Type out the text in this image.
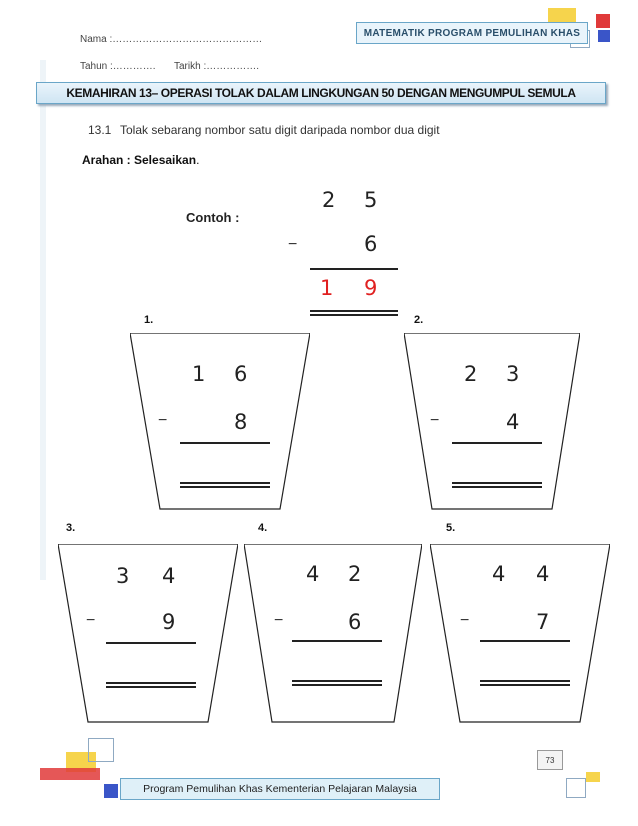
MATEMATIK PROGRAM PEMULIHAN KHAS
Nama :………………………………………
Tahun :…………. Tarikh :…………….
KEMAHIRAN 13– OPERASI TOLAK DALAM LINGKUNGAN 50 DENGAN MENGUMPUL SEMULA
13.1 Tolak sebarang nombor satu digit daripada nombor dua digit
Arahan : Selesaikan.
Contoh :
2 5
−	6
1 9
1.	2.
3.	4.	5.
1 6
−	8
2 3
−	4
3 4
−	9
4 2
−	6
4 4
−	7
73
Program Pemulihan Khas Kementerian Pelajaran Malaysia
